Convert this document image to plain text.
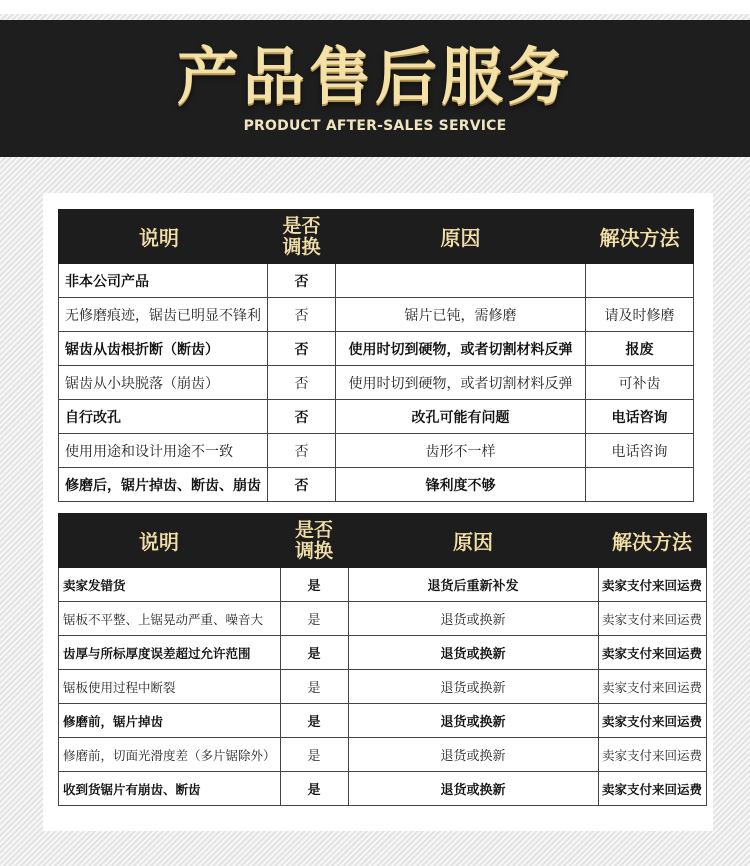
产品售后服务
PRODUCT AFTER-SALES SERVICE
说明	是否调换	原因	解决方法
非本公司产品	否		
无修磨痕迹，锯齿已明显不锋利	否	锯片已钝，需修磨	请及时修磨
锯齿从齿根折断（断齿）	否	使用时切到硬物，或者切割材料反弹	报废
锯齿从小块脱落（崩齿）	否	使用时切到硬物，或者切割材料反弹	可补齿
自行改孔	否	改孔可能有问题	电话咨询
使用用途和设计用途不一致	否	齿形不一样	电话咨询
修磨后，锯片掉齿、断齿、崩齿	否	锋利度不够	
说明	是否调换	原因	解决方法
卖家发错货	是	退货后重新补发	卖家支付来回运费
锯板不平整、上锯晃动严重、噪音大	是	退货或换新	卖家支付来回运费
齿厚与所标厚度误差超过允许范围	是	退货或换新	卖家支付来回运费
锯板使用过程中断裂	是	退货或换新	卖家支付来回运费
修磨前，锯片掉齿	是	退货或换新	卖家支付来回运费
修磨前，切面光滑度差（多片锯除外）	是	退货或换新	卖家支付来回运费
收到货锯片有崩齿、断齿	是	退货或换新	卖家支付来回运费
